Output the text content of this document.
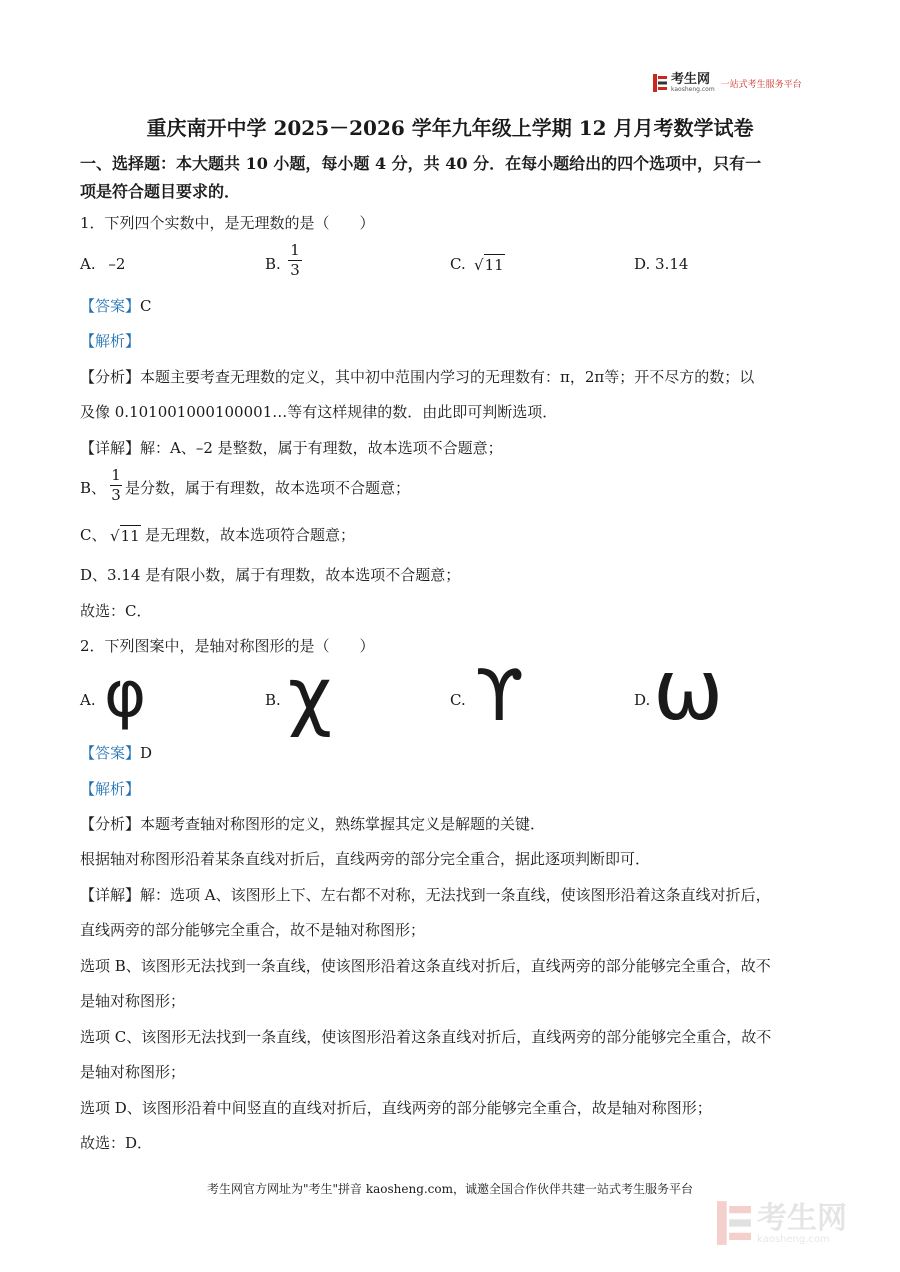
考生网
kaosheng.com 一站式考生服务平台
重庆南开中学 2025－2026 学年九年级上学期 12 月月考数学试卷
一、选择题：本大题共 10 小题，每小题 4 分，共 40 分．在每小题给出的四个选项中，只有一
项是符合题目要求的．
1．下列四个实数中，是无理数的是（　　）
A. –2	B.
1
3	C. √11	D. 3.14
【答案】C
【解析】
【分析】本题主要考查无理数的定义，其中初中范围内学习的无理数有：π，2π等；开不尽方的数；以
及像 0.101001000100001…等有这样规律的数．由此即可判断选项．
【详解】解：A、–2 是整数，属于有理数，故本选项不合题意；
B、
1
3 是分数，属于有理数，故本选项不合题意；
C、 √11 是无理数，故本选项符合题意；
D、3.14 是有限小数，属于有理数，故本选项不合题意；
故选：C．
2．下列图案中，是轴对称图形的是（　　）
A. φ	B. χ	C. ϒ	D. ω
【答案】D
【解析】
【分析】本题考查轴对称图形的定义，熟练掌握其定义是解题的关键．
根据轴对称图形沿着某条直线对折后，直线两旁的部分完全重合，据此逐项判断即可．
【详解】解：选项 A、该图形上下、左右都不对称，无法找到一条直线，使该图形沿着这条直线对折后，
直线两旁的部分能够完全重合，故不是轴对称图形；
选项 B、该图形无法找到一条直线，使该图形沿着这条直线对折后，直线两旁的部分能够完全重合，故不
是轴对称图形；
选项 C、该图形无法找到一条直线，使该图形沿着这条直线对折后，直线两旁的部分能够完全重合，故不
是轴对称图形；
选项 D、该图形沿着中间竖直的直线对折后，直线两旁的部分能够完全重合，故是轴对称图形；
故选：D．
考生网官方网址为"考生"拼音 kaosheng.com，诚邀全国合作伙伴共建一站式考生服务平台
考生网
kaosheng.com
